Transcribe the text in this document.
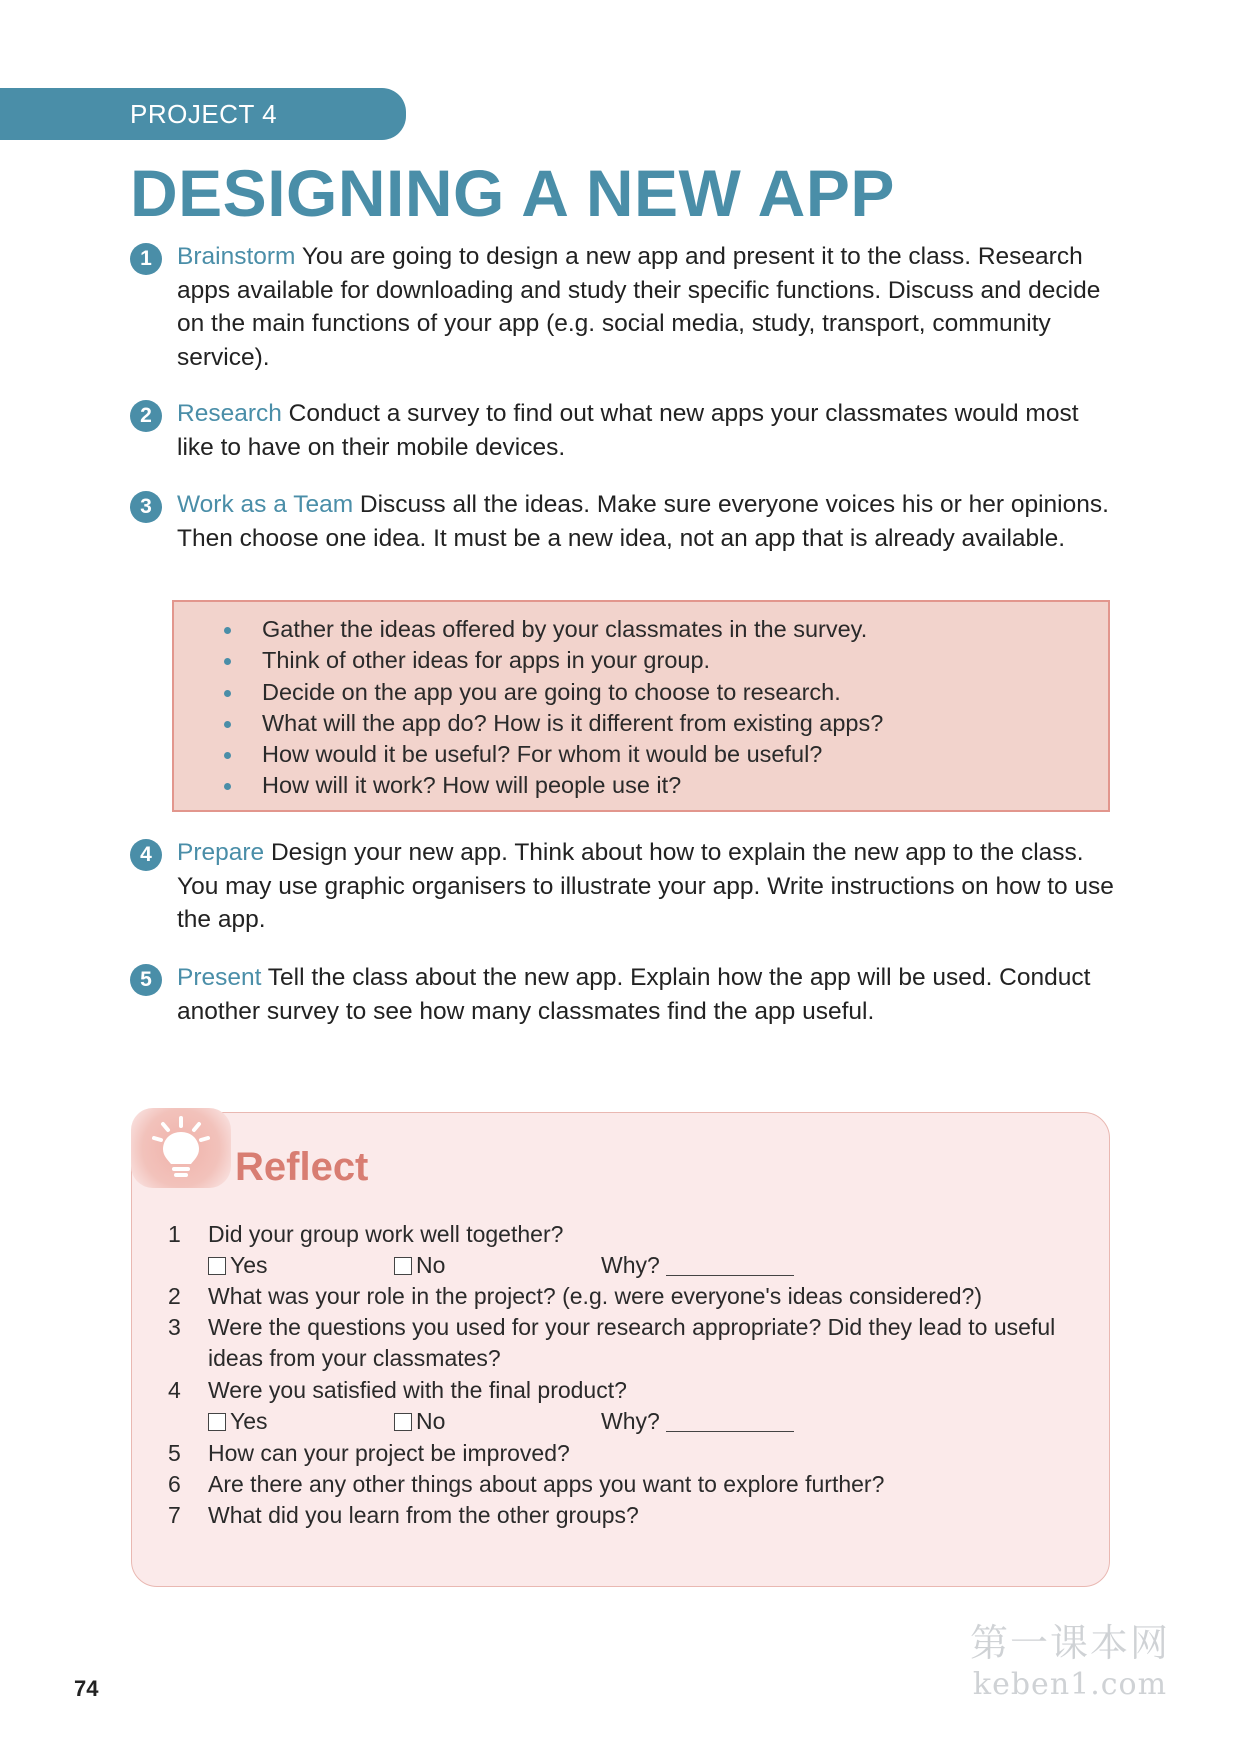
PROJECT 4
DESIGNING A NEW APP
1	Brainstorm You are going to design a new app and present it to the class. Research apps available for downloading and study their specific functions. Discuss and decide on the main functions of your app (e.g. social media, study, transport, community service).
2	Research Conduct a survey to find out what new apps your classmates would most like to have on their mobile devices.
3	Work as a Team Discuss all the ideas. Make sure everyone voices his or her opinions. Then choose one idea. It must be a new idea, not an app that is already available.
Gather the ideas offered by your classmates in the survey.
Think of other ideas for apps in your group.
Decide on the app you are going to choose to research.
What will the app do? How is it different from existing apps?
How would it be useful? For whom it would be useful?
How will it work? How will people use it?
4	Prepare Design your new app. Think about how to explain the new app to the class. You may use graphic organisers to illustrate your app. Write instructions on how to use the app.
5	Present Tell the class about the new app. Explain how the app will be used. Conduct another survey to see how many classmates find the app useful.
Reflect
1	Did your group work well together?
Yes	No	Why?
2	What was your role in the project? (e.g. were everyone's ideas considered?)
3	Were the questions you used for your research appropriate? Did they lead to useful
ideas from your classmates?
4	Were you satisfied with the final product?
Yes	No	Why?
5	How can your project be improved?
6	Are there any other things about apps you want to explore further?
7	What did you learn from the other groups?
74
第一课本网
keben1.com
